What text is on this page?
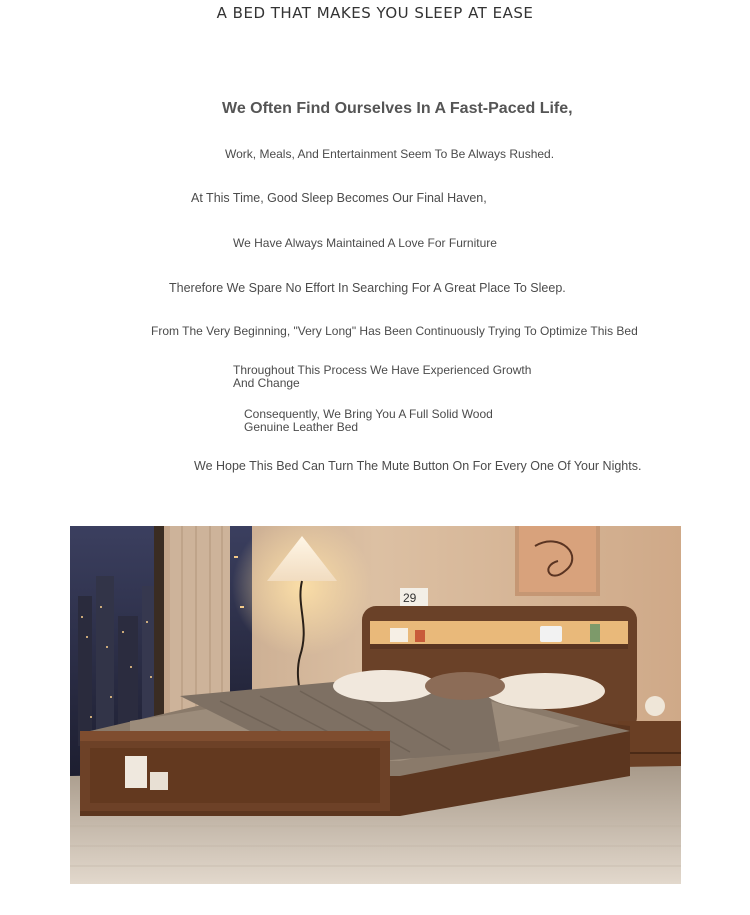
A BED THAT MAKES YOU SLEEP AT EASE
We Often Find Ourselves In A Fast-Paced Life,
Work, Meals, And Entertainment Seem To Be Always Rushed.
At This Time, Good Sleep Becomes Our Final Haven,
We Have Always Maintained A Love For Furniture
Therefore We Spare No Effort In Searching For A Great Place To Sleep.
From The Very Beginning, "Very Long" Has Been Continuously Trying To Optimize This Bed
Throughout This Process We Have Experienced Growth And Change
Consequently, We Bring You A Full Solid Wood Genuine Leather Bed
We Hope This Bed Can Turn The Mute Button On For Every One Of Your Nights.
29
